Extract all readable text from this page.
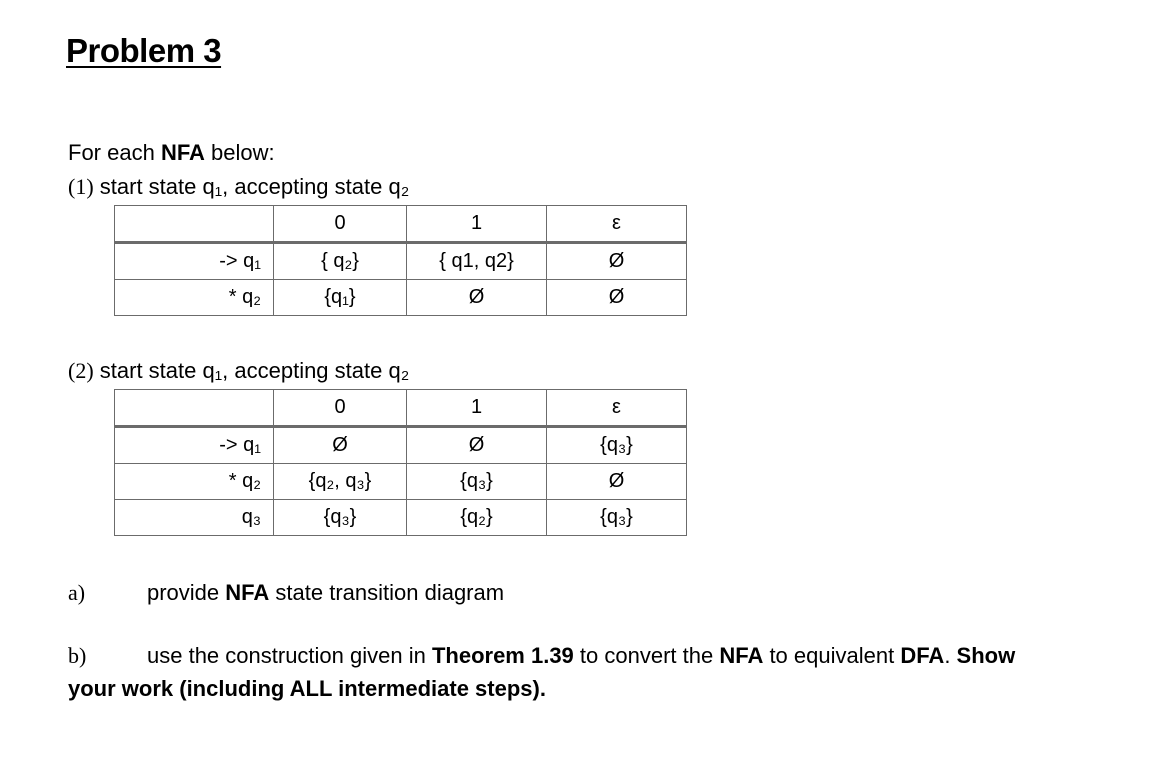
Problem 3
For each NFA below:
(1) start state q₁, accepting state q₂
	0	1	ε
-> q₁	{ q₂}	{ q1, q2}	Ø
* q₂	{q₁}	Ø	Ø
(2) start state q₁, accepting state q₂
	0	1	ε
-> q₁	Ø	Ø	{q₃}
* q₂	{q₂, q₃}	{q₃}	Ø
q₃	{q₃}	{q₂}	{q₃}
a)	provide NFA state transition diagram
b)	use the construction given in Theorem 1.39 to convert the NFA to equivalent DFA. Show
your work (including ALL intermediate steps).
